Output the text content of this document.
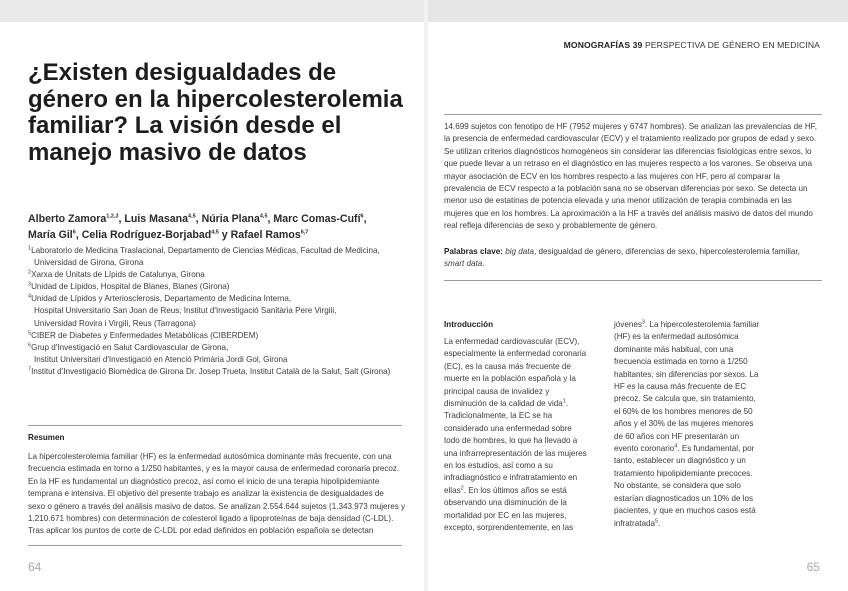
MONOGRAFÍAS 39 PERSPECTIVA DE GÉNERO EN MEDICINA
¿Existen desigualdades de género en la hipercolesterolemia familiar? La visión desde el manejo masivo de datos
Alberto Zamora$^{1,2,3}$, Luis Masana$^{4,5}$, Núria Plana$^{4,5}$, Marc Comas-Cufí$^6$,
María Gil$^6$, Celia Rodríguez-Borjabad$^{4,5}$ y Rafael Ramos$^{6,7}$
$^1$Laboratorio de Medicina Traslacional, Departamento de Ciencias Médicas, Facultad de Medicina,
Universidad de Girona, Girona
$^2$Xarxa de Unitats de Lípids de Catalunya, Girona
$^3$Unidad de Lípidos, Hospital de Blanes, Blanes (Girona)
$^4$Unidad de Lípidos y Arteriosclerosis, Departamento de Medicina Interna,
Hospital Universitario San Joan de Reus, Institut d'Investigació Sanitària Pere Virgili,
Universidad Rovira i Virgili, Reus (Tarragona)
$^5$CIBER de Diabetes y Enfermedades Metabólicas (CIBERDEM)
$^6$Grup d'Investigació en Salut Cardiovascular de Girona,
Institut Universitari d'Investigació en Atenció Primària Jordi Gol, Girona
$^7$Institut d'Investigació Biomèdica de Girona Dr. Josep Trueta, Institut Català de la Salut, Salt (Girona)
Resumen
La hipercolesterolemia familiar (HF) es la enfermedad autosómica dominante más frecuente, con una
frecuencia estimada en torno a 1/250 habitantes, y es la mayor causa de enfermedad coronaria precoz.
En la HF es fundamental un diagnóstico precoz, así como el inicio de una terapia hipolipidemiante
temprana e intensiva. El objetivo del presente trabajo es analizar la existencia de desigualdades de
sexo o género a través del análisis masivo de datos. Se analizan 2.554.644 sujetos (1.343.973 mujeres y
1.210.671 hombres) con determinación de colesterol ligado a lipoproteínas de baja densidad (C-LDL).
Tras aplicar los puntos de corte de C-LDL por edad definidos en población española se detectan
14.699 sujetos con fenotipo de HF (7952 mujeres y 6747 hombres). Se analizan las prevalencias de HF,
la presencia de enfermedad cardiovascular (ECV) y el tratamiento realizado por grupos de edad y sexo.
Se utilizan criterios diagnósticos homogéneos sin considerar las diferencias fisiológicas entre sexos, lo
que puede llevar a un retraso en el diagnóstico en las mujeres respecto a los varones. Se observa una
mayor asociación de ECV en los hombres respecto a las mujeres con HF, pero al comparar la
prevalencia de ECV respecto a la población sana no se observan diferencias por sexo. Se detecta un
menor uso de estatinas de potencia elevada y una menor utilización de terapia combinada en las
mujeres que en los hombres. La aproximación a la HF a través del análisis masivo de datos del mundo
real refleja diferencias de sexo y probablemente de género.
Palabras clave: big data, desigualdad de género, diferencias de sexo, hipercolesterolemia familiar,
smart data.
Introducción
La enfermedad cardiovascular (ECV),
especialmente la enfermedad coronaria
(EC), es la causa más frecuente de
muerte en la población española y la
principal causa de invalidez y
disminución de la calidad de vida$^1$.
Tradicionalmente, la EC se ha
considerado una enfermedad sobre
todo de hombres, lo que ha llevado a
una infrarrepresentación de las mujeres
en los estudios, así como a su
infradiagnóstico e infratratamiento en
ellas$^2$. En los últimos años se está
observando una disminución de la
mortalidad por EC en las mujeres,
excepto, sorprendentemente, en las
jóvenes$^3$. La hipercolesterolemia familiar
(HF) es la enfermedad autosómica
dominante más habitual, con una
frecuencia estimada en torno a 1/250
habitantes, sin diferencias por sexos. La
HF es la causa más frecuente de EC
precoz. Se calcula que, sin tratamiento,
el 60% de los hombres menores de 50
años y el 30% de las mujeres menores
de 60 años con HF presentarán un
evento coronario$^4$. Es fundamental, por
tanto, establecer un diagnóstico y un
tratamiento hipolipidemiante precoces.
No obstante, se considera que solo
estarían diagnosticados un 10% de los
pacientes, y que en muchos casos está
infratratada$^5$.
64	65
